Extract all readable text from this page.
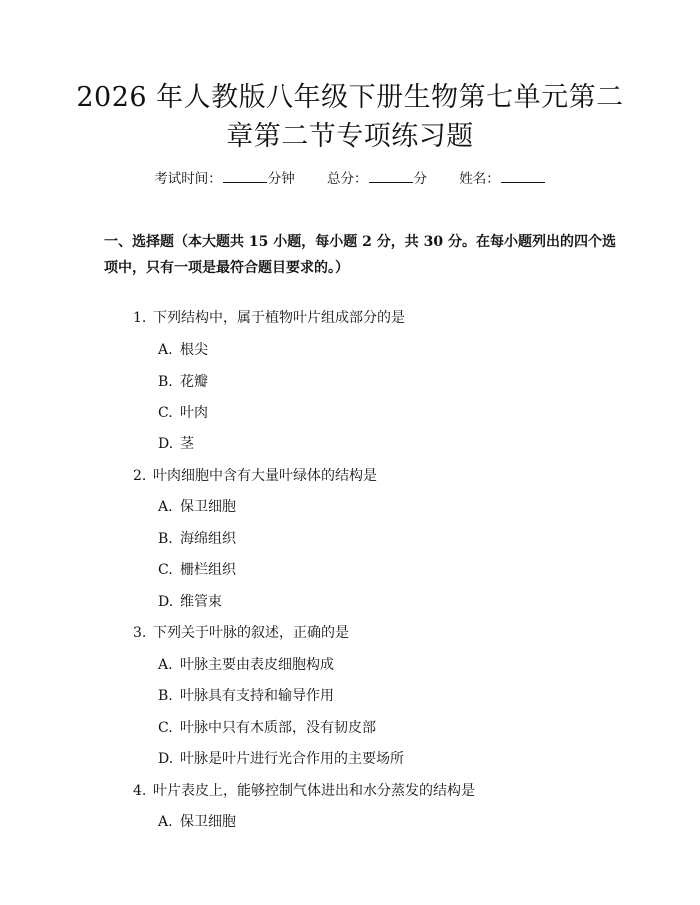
2026 年人教版八年级下册生物第七单元第二
章第二节专项练习题
考试时间：	分钟 总分：	分 姓名：
一、选择题（本大题共 15 小题，每小题 2 分，共 30 分。在每小题列出的四个选项中，只有一项是最符合题目要求的。）
1. 下列结构中，属于植物叶片组成部分的是
A. 根尖
B. 花瓣
C. 叶肉
D. 茎
2. 叶肉细胞中含有大量叶绿体的结构是
A. 保卫细胞
B. 海绵组织
C. 栅栏组织
D. 维管束
3. 下列关于叶脉的叙述，正确的是
A. 叶脉主要由表皮细胞构成
B. 叶脉具有支持和输导作用
C. 叶脉中只有木质部，没有韧皮部
D. 叶脉是叶片进行光合作用的主要场所
4. 叶片表皮上，能够控制气体进出和水分蒸发的结构是
A. 保卫细胞
